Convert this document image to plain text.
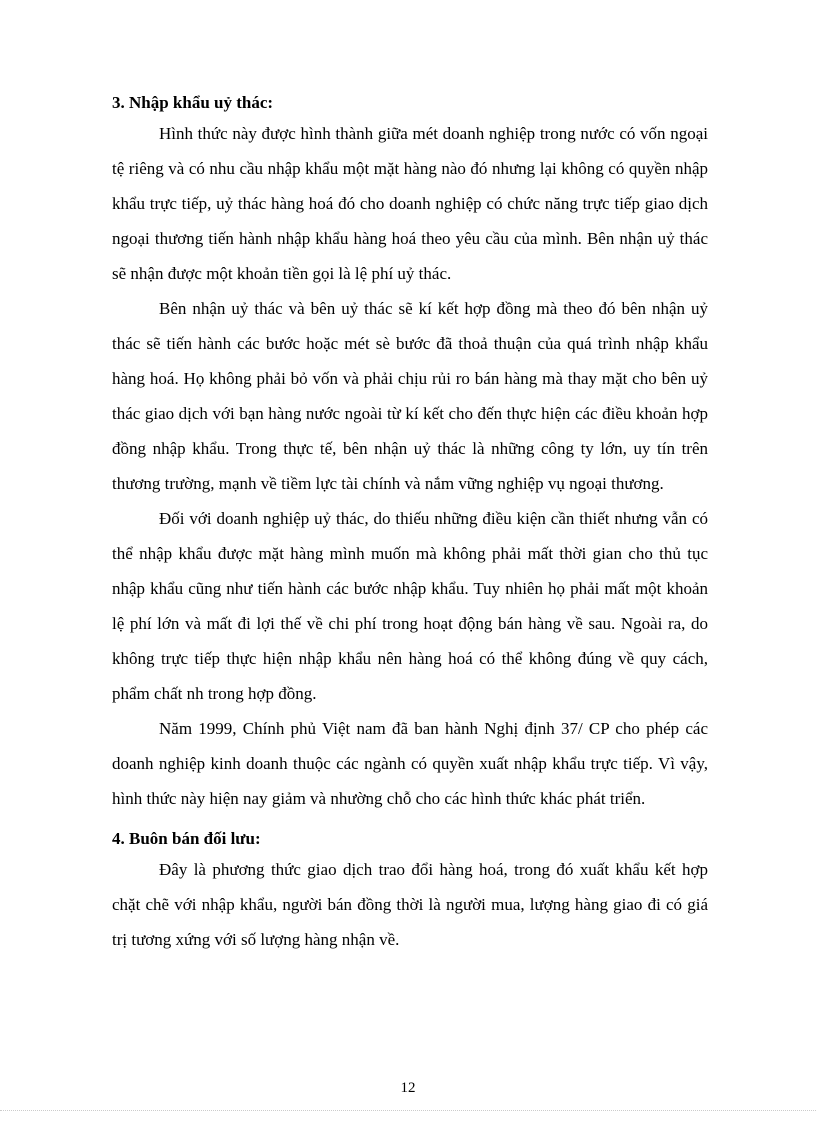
3. Nhập khẩu uỷ thác:

Hình thức này được hình thành giữa mét doanh nghiệp trong nước có vốn ngoại tệ riêng và có nhu cầu nhập khẩu một mặt hàng nào đó nhưng lại không có quyền nhập khẩu trực tiếp, uỷ thác hàng hoá đó cho doanh nghiệp có chức năng trực tiếp giao dịch ngoại thương tiến hành nhập khẩu hàng hoá theo yêu cầu của mình. Bên nhận uỷ thác sẽ nhận được một khoản tiền gọi là lệ phí uỷ thác.

Bên nhận uỷ thác và bên uỷ thác sẽ kí kết hợp đồng mà theo đó bên nhận uỷ thác sẽ tiến hành các bước hoặc mét sè bước đã thoả thuận của quá trình nhập khẩu hàng hoá. Họ không phải bỏ vốn và phải chịu rủi ro bán hàng mà thay mặt cho bên uỷ thác giao dịch với bạn hàng nước ngoài từ kí kết cho đến thực hiện các điều khoản hợp đồng nhập khẩu. Trong thực tế, bên nhận uỷ thác là những công ty lớn, uy tín trên thương trường, mạnh về tiềm lực tài chính và nắm vững nghiệp vụ ngoại thương.

Đối với doanh nghiệp uỷ thác, do thiếu những điều kiện cần thiết nhưng vẫn có thể nhập khẩu được mặt hàng mình muốn mà không phải mất thời gian cho thủ tục nhập khẩu cũng như tiến hành các bước nhập khẩu. Tuy nhiên họ phải mất một khoản lệ phí lớn và mất đi lợi thế về chi phí trong hoạt động bán hàng về sau. Ngoài ra, do không trực tiếp thực hiện nhập khẩu nên hàng hoá có thể không đúng về quy cách, phẩm chất nh trong hợp đồng.

Năm 1999, Chính phủ Việt nam đã ban hành Nghị định 37/ CP cho phép các doanh nghiệp kinh doanh thuộc các ngành có quyền xuất nhập khẩu trực tiếp. Vì vậy, hình thức này hiện nay giảm và nhường chỗ cho các hình thức khác phát triển.

4. Buôn bán đối lưu:

Đây là phương thức giao dịch trao đổi hàng hoá, trong đó xuất khẩu kết hợp chặt chẽ với nhập khẩu, người bán đồng thời là người mua, lượng hàng giao đi có giá trị tương xứng với số lượng hàng nhận về.

12
